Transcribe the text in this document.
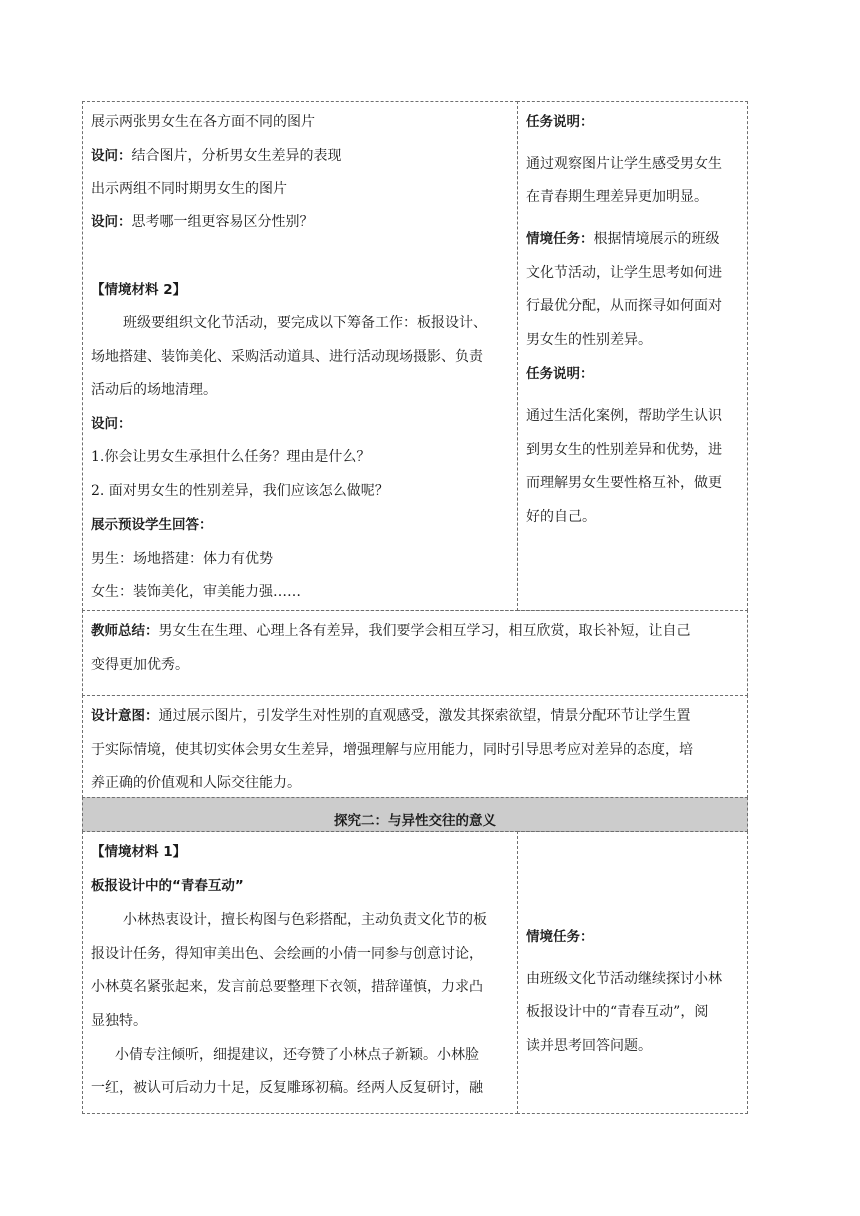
展示两张男女生在各方面不同的图片
设问：结合图片，分析男女生差异的表现
出示两组不同时期男女生的图片
设问：思考哪一组更容易区分性别？
【情境材料 2】
班级要组织文化节活动，要完成以下筹备工作：板报设计、
场地搭建、装饰美化、采购活动道具、进行活动现场摄影、负责
活动后的场地清理。
设问：
1.你会让男女生承担什么任务？理由是什么？
2. 面对男女生的性别差异，我们应该怎么做呢？
展示预设学生回答：
男生：场地搭建：体力有优势
女生：装饰美化，审美能力强……
任务说明：
通过观察图片让学生感受男女生
在青春期生理差异更加明显。
情境任务：根据情境展示的班级
文化节活动，让学生思考如何进
行最优分配，从而探寻如何面对
男女生的性别差异。
任务说明：
通过生活化案例，帮助学生认识
到男女生的性别差异和优势，进
而理解男女生要性格互补，做更
好的自己。
教师总结：男女生在生理、心理上各有差异，我们要学会相互学习，相互欣赏，取长补短，让自己
变得更加优秀。
设计意图：通过展示图片，引发学生对性别的直观感受，激发其探索欲望，情景分配环节让学生置
于实际情境，使其切实体会男女生差异，增强理解与应用能力，同时引导思考应对差异的态度，培
养正确的价值观和人际交往能力。
探究二：与异性交往的意义
【情境材料 1】
板报设计中的“青春互动”
小林热衷设计，擅长构图与色彩搭配，主动负责文化节的板
报设计任务，得知审美出色、会绘画的小倩一同参与创意讨论，
小林莫名紧张起来，发言前总要整理下衣领，措辞谨慎，力求凸
显独特。
小倩专注倾听，细提建议，还夸赞了小林点子新颖。小林脸
一红，被认可后动力十足，反复雕琢初稿。经两人反复研讨，融
情境任务：
由班级文化节活动继续探讨小林
板报设计中的“青春互动”，阅
读并思考回答问题。
